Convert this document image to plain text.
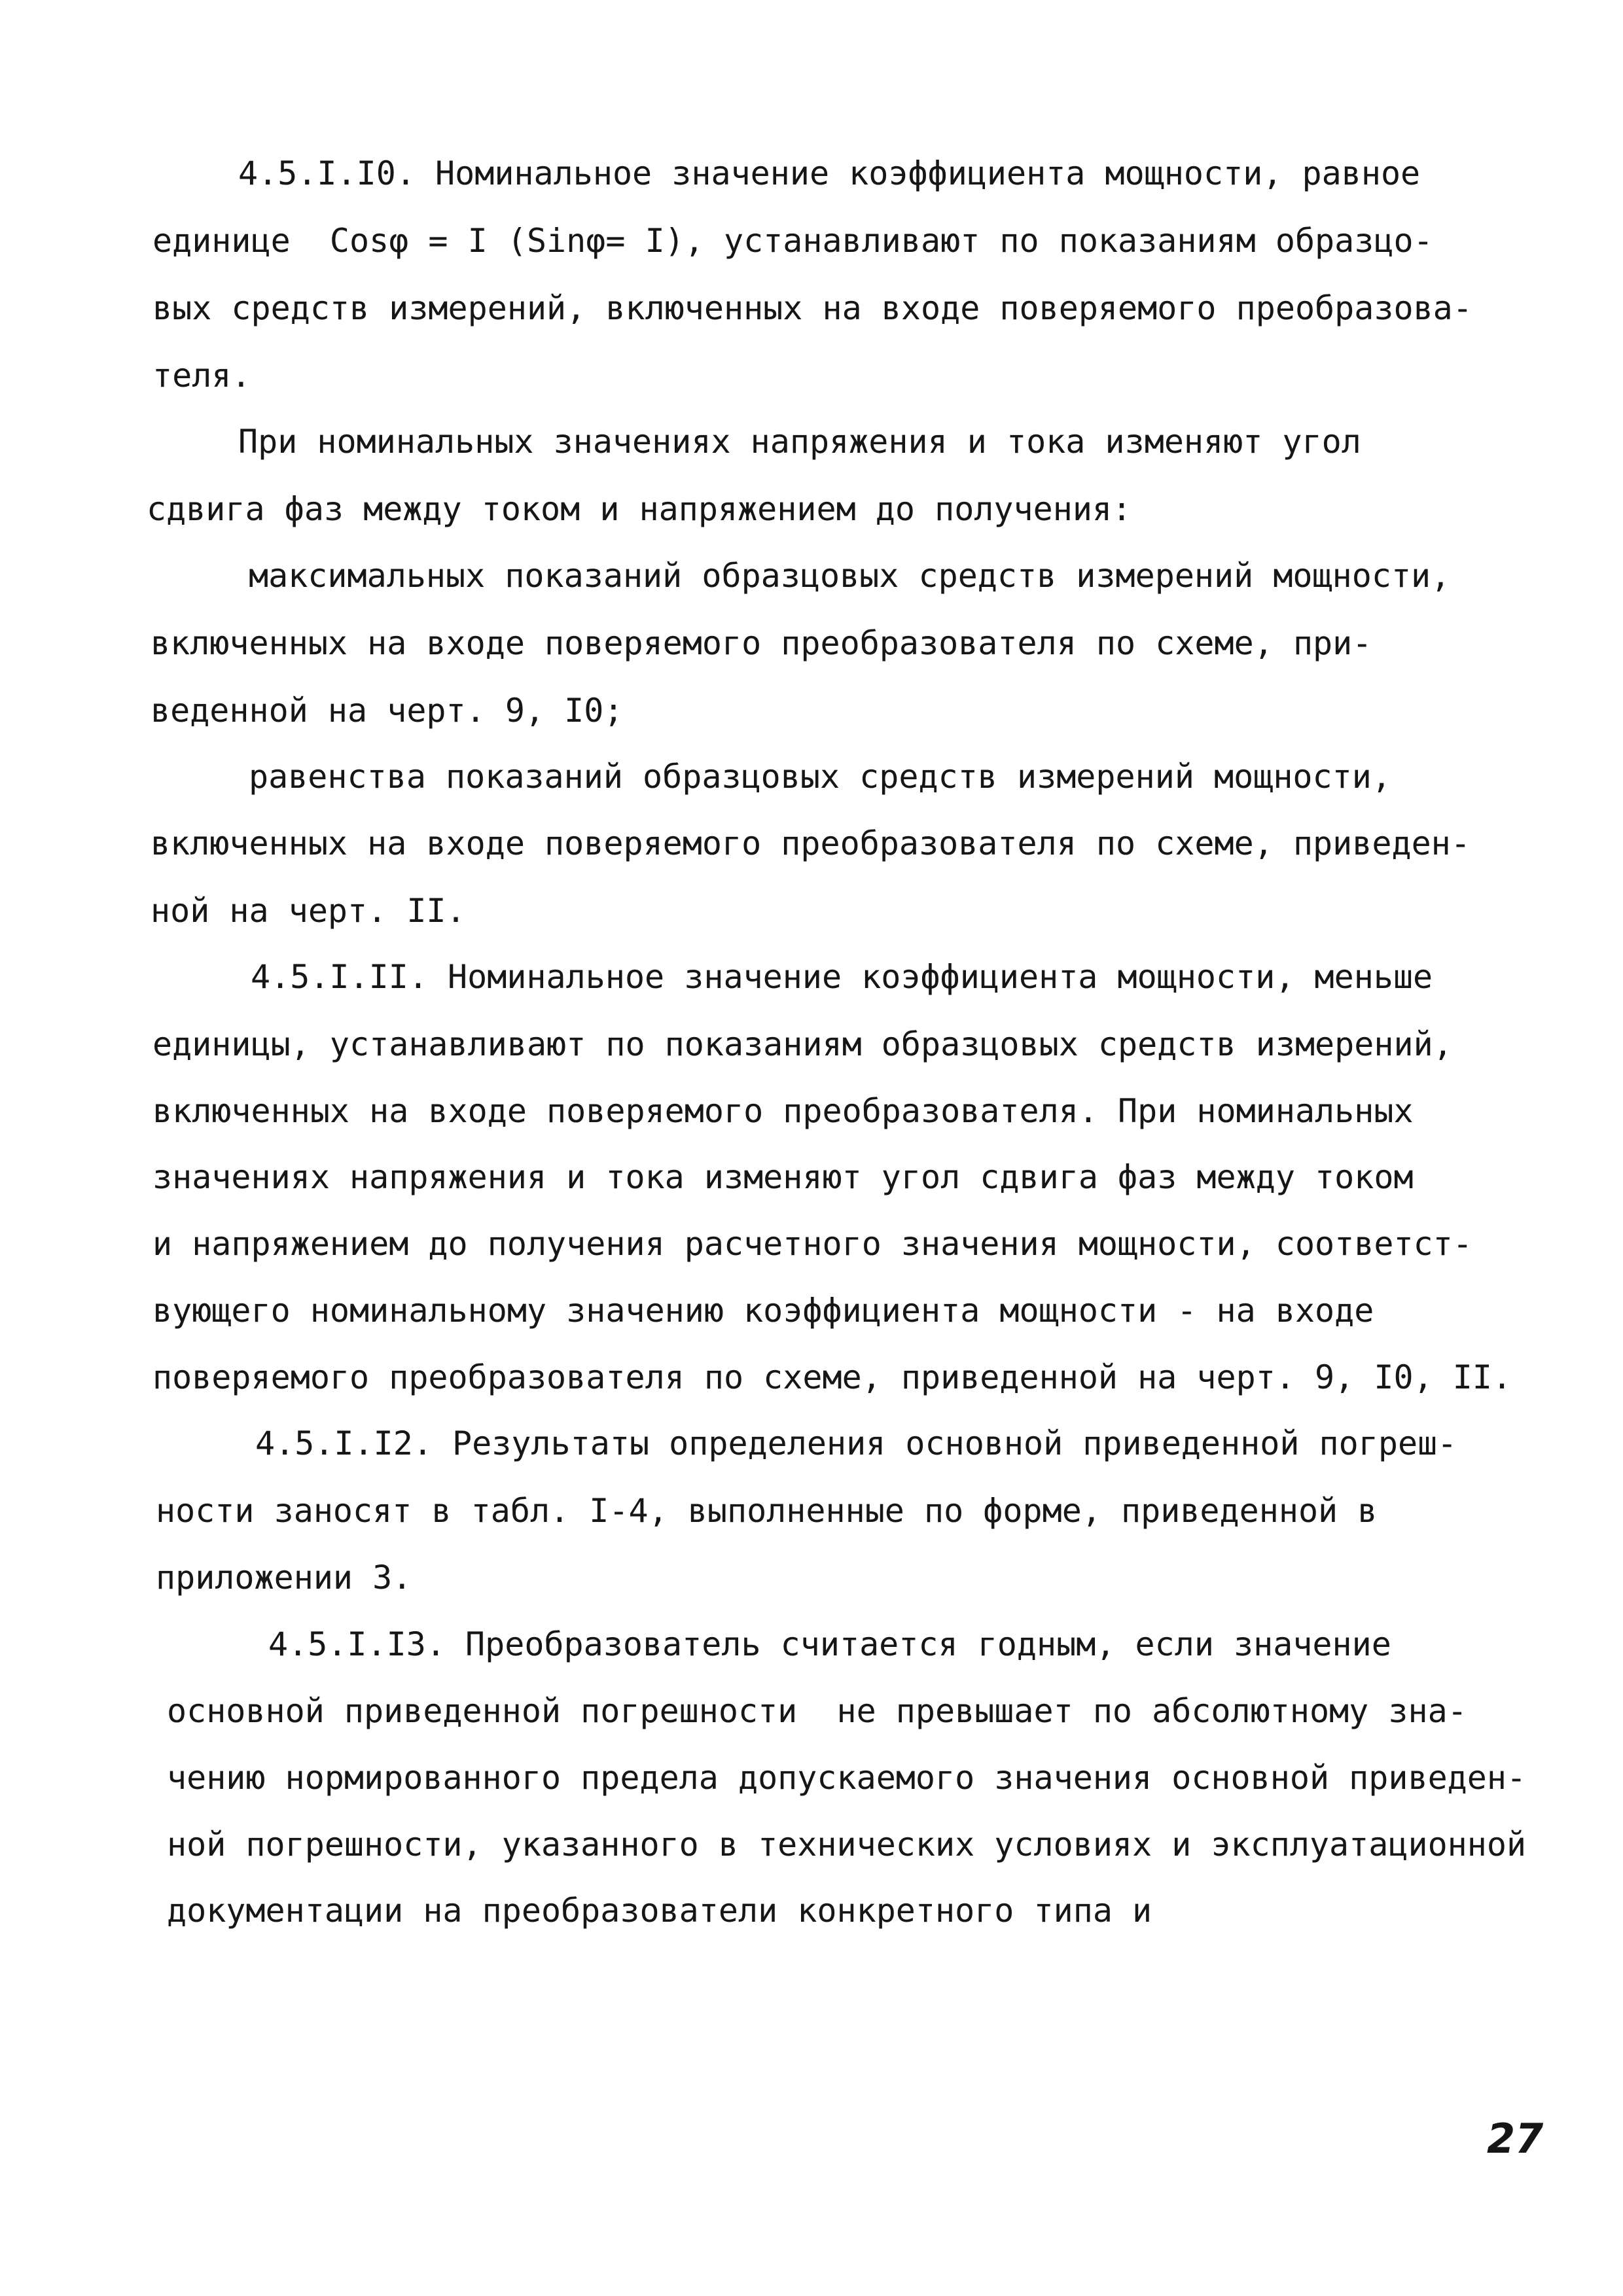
4.5.I.I0. Номинальное значение коэффициента мощности, равное
единице  Cosφ = I (Sinφ= I), устанавливают по показаниям образцо-
вых средств измерений, включенных на входе поверяемого преобразова-
теля.
При номинальных значениях напряжения и тока изменяют угол
сдвига фаз между током и напряжением до получения:
максимальных показаний образцовых средств измерений мощности,
включенных на входе поверяемого преобразователя по схеме, при-
веденной на черт. 9, I0;
равенства показаний образцовых средств измерений мощности,
включенных на входе поверяемого преобразователя по схеме, приведен-
ной на черт. II.
4.5.I.II. Номинальное значение коэффициента мощности, меньше
единицы, устанавливают по показаниям образцовых средств измерений,
включенных на входе поверяемого преобразователя. При номинальных
значениях напряжения и тока изменяют угол сдвига фаз между током
и напряжением до получения расчетного значения мощности, соответст-
вующего номинальному значению коэффициента мощности - на входе
поверяемого преобразователя по схеме, приведенной на черт. 9, I0, II.
4.5.I.I2. Результаты определения основной приведенной погреш-
ности заносят в табл. I-4, выполненные по форме, приведенной в
приложении 3.
4.5.I.I3. Преобразователь считается годным, если значение
основной приведенной погрешности  не превышает по абсолютному зна-
чению нормированного предела допускаемого значения основной приведен-
ной погрешности, указанного в технических условиях и эксплуатационной
документации на преобразователи конкретного типа и
27
